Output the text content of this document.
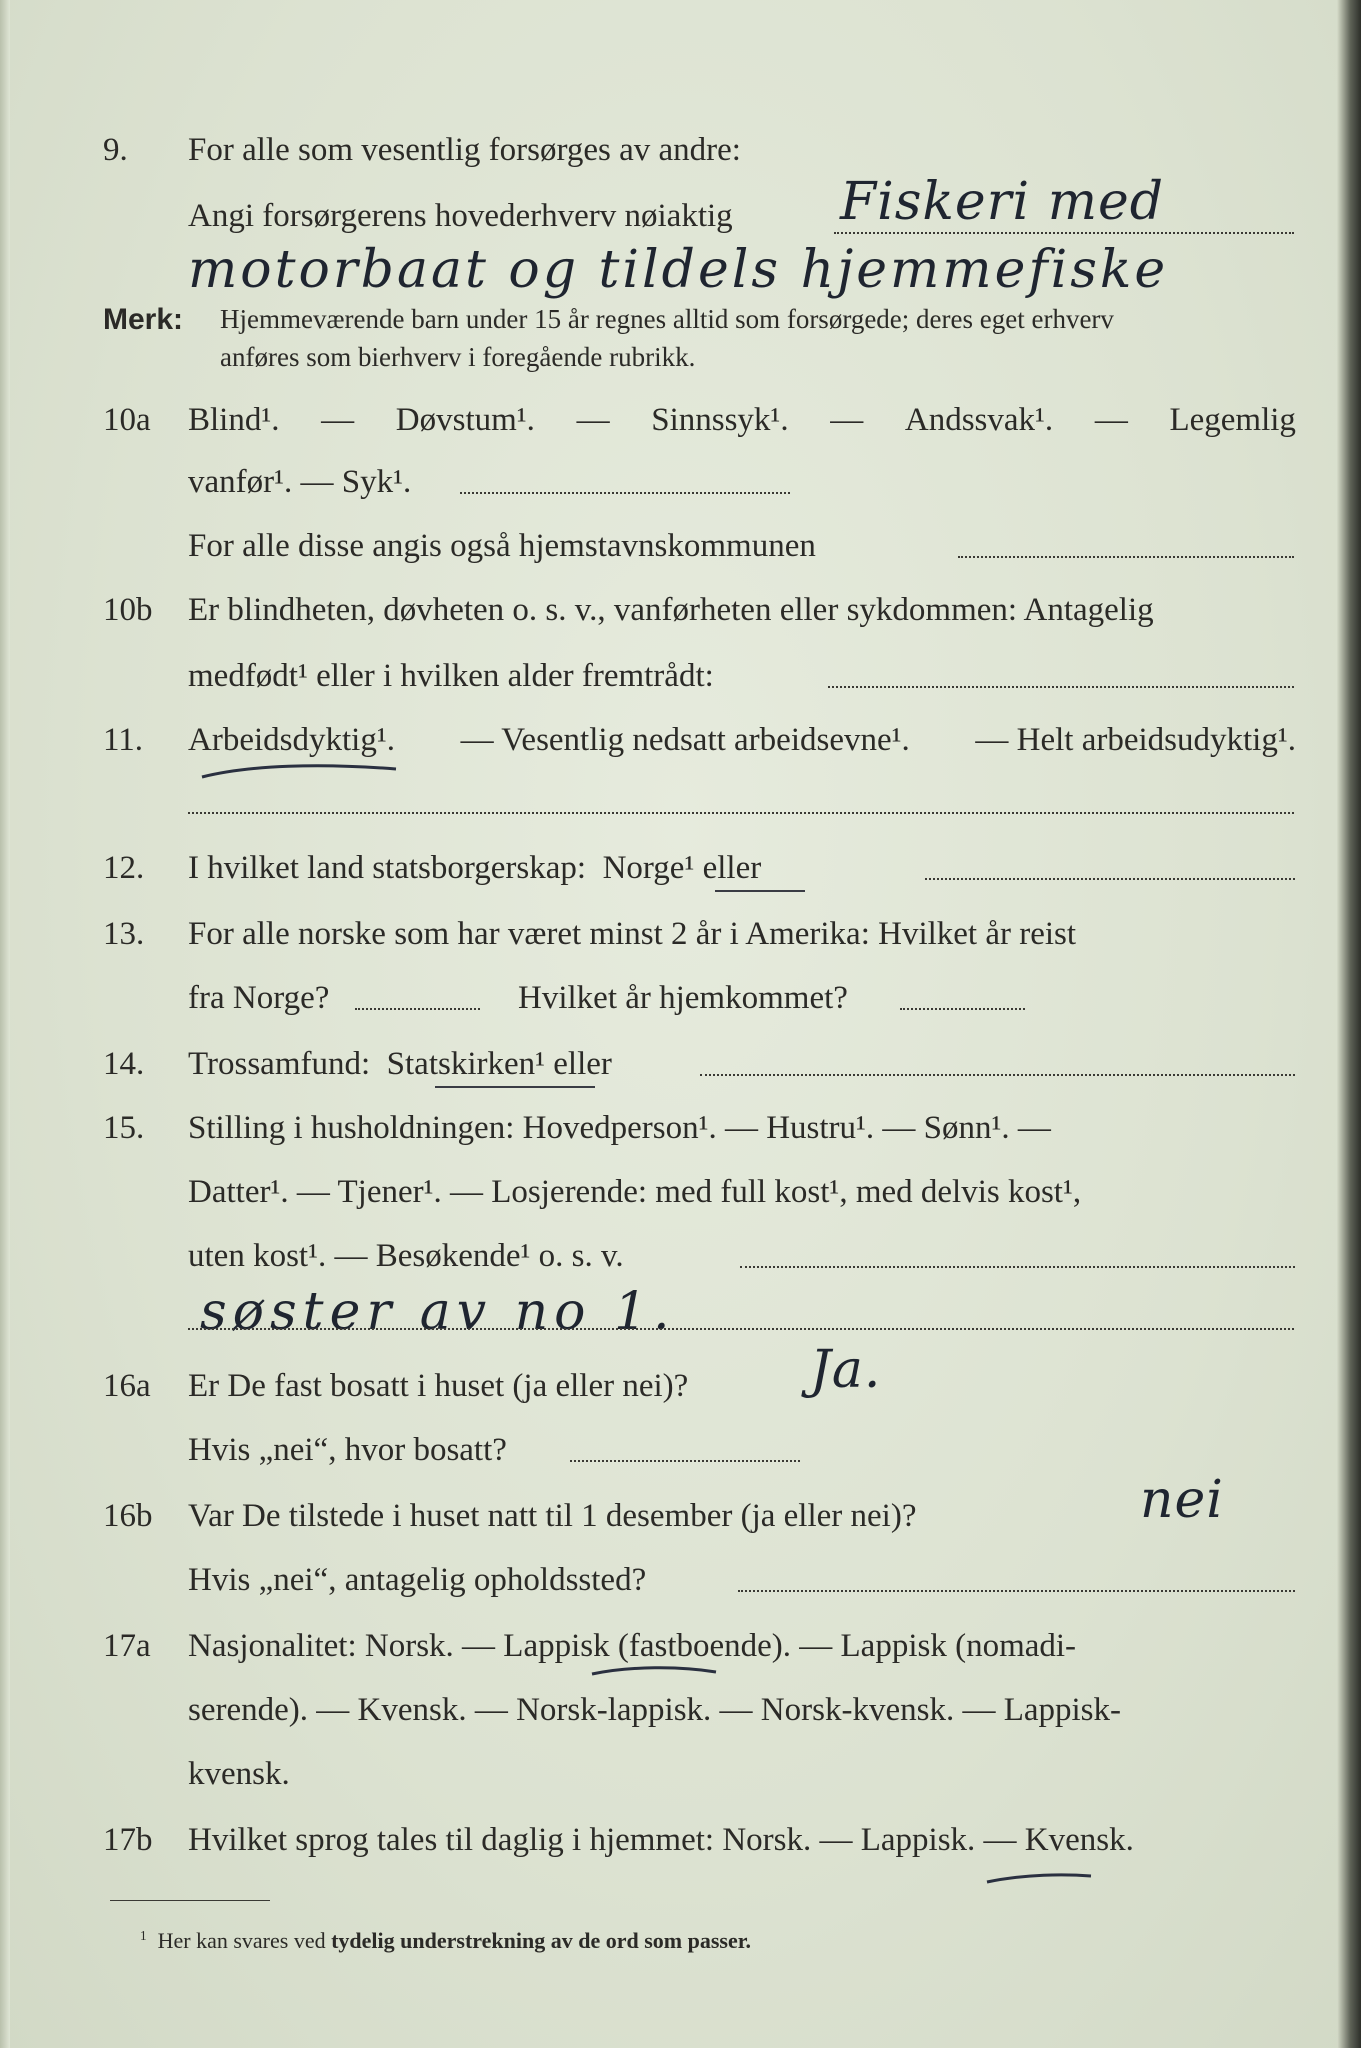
9. For alle som vesentlig forsørges av andre:
Angi forsørgerens hovederhverv nøiaktig Fiskeri med
motorbaat og tildels hjemmefiske
Merk: Hjemmeværende barn under 15 år regnes alltid som forsørgede; deres eget erhverv
anføres som bierhverv i foregående rubrikk.
10a Blind¹. — Døvstum¹. — Sinnssyk¹. — Andssvak¹. — Legemlig
vanfør¹. — Syk¹.
For alle disse angis også hjemstavnskommunen
10b Er blindheten, døvheten o. s. v., vanførheten eller sykdommen: Antagelig
medfødt¹ eller i hvilken alder fremtrådt:
11. Arbeidsdyktig¹. — Vesentlig nedsatt arbeidsevne¹. — Helt arbeidsudyktig¹.
12. I hvilket land statsborgerskap: Norge¹ eller
13. For alle norske som har været minst 2 år i Amerika: Hvilket år reist
fra Norge?	Hvilket år hjemkommet?
14. Trossamfund: Statskirken¹ eller
15. Stilling i husholdningen: Hovedperson¹. — Hustru¹. — Sønn¹. —
Datter¹. — Tjener¹. — Losjerende: med full kost¹, med delvis kost¹,
uten kost¹. — Besøkende¹ o. s. v.
søster av no 1.
16a Er De fast bosatt i huset (ja eller nei)? Ja.
Hvis „nei“, hvor bosatt?
16b Var De tilstede i huset natt til 1 desember (ja eller nei)?	nei
Hvis „nei“, antagelig opholdssted?
17a Nasjonalitet: Norsk. — Lappisk (fastboende). — Lappisk (nomadi-
serende). — Kvensk. — Norsk-lappisk. — Norsk-kvensk. — Lappisk-
kvensk.
17b Hvilket sprog tales til daglig i hjemmet: Norsk. — Lappisk. — Kvensk.
$^1$ Her kan svares ved tydelig understrekning av de ord som passer.
